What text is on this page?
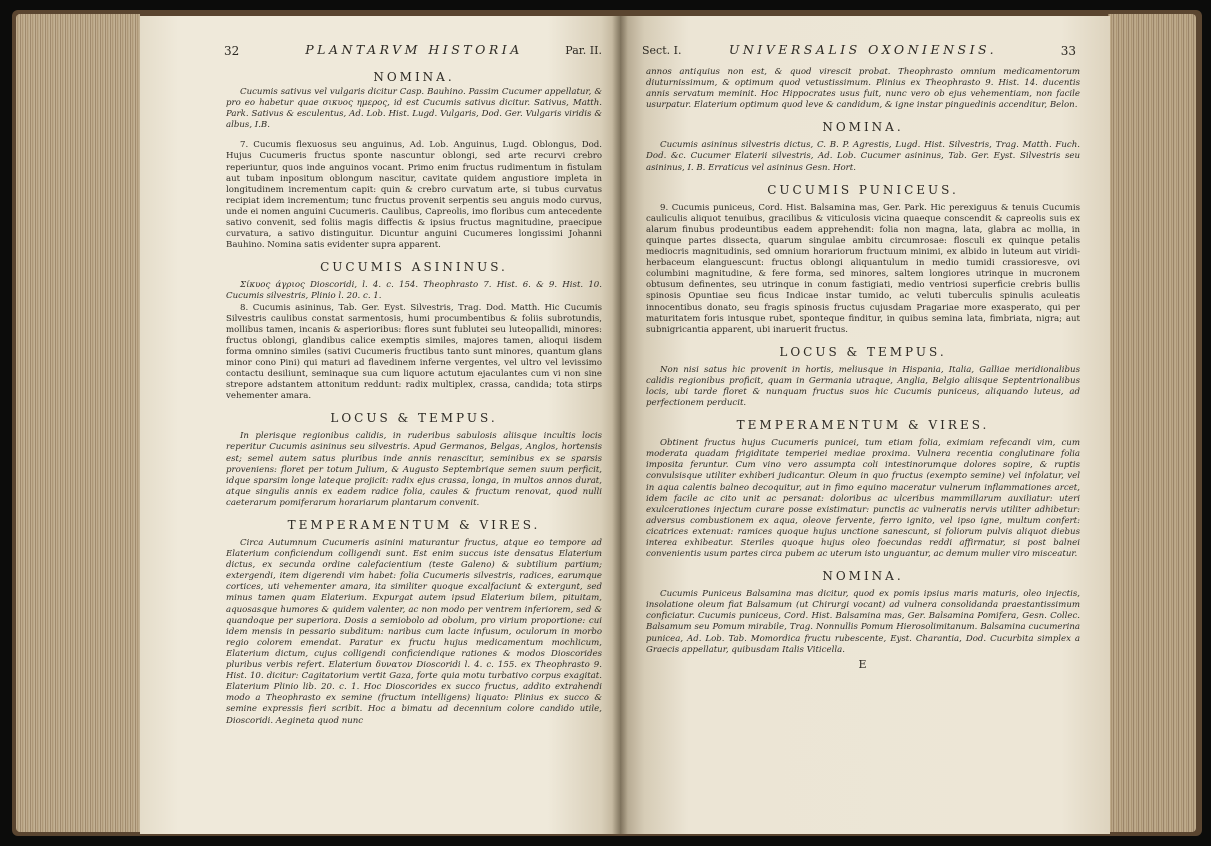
32	PLANTARVM HISTORIA	Par. II.
NOMINA.

Cucumis sativus vel vulgaris dicitur Casp. Bauhino. Passim Cucumer appellatur, & pro eo habetur quae σικυος ημερος, id est Cucumis sativus dicitur. Sativus, Matth. Park. Sativus & esculentus, Ad. Lob. Hist. Lugd. Vulgaris, Dod. Ger. Vulgaris viridis & albus, I.B.

7. Cucumis flexuosus seu anguinus, Ad. Lob. Anguinus, Lugd. Oblongus, Dod. Hujus Cucumeris fructus sponte nascuntur oblongi, sed arte recurvi crebro reperiuntur, quos inde anguinos vocant. Primo enim fructus rudimentum in fistulam aut tubam inpositum oblongum nascitur, cavitate quidem angustiore impleta in longitudinem incrementum capit: quin & crebro curvatum arte, si tubus curvatus recipiat idem incrementum; tunc fructus provenit serpentis seu anguis modo curvus, unde ei nomen anguini Cucumeris. Caulibus, Capreolis, imo floribus cum antecedente sativo convenit, sed foliis magis diffectis & ipsius fructus magnitudine, praecipue curvatura, a sativo distinguitur. Dicuntur anguini Cucumeres longissimi Johanni Bauhino. Nomina satis evidenter supra apparent.

CUCUMIS ASININUS.

Σίκυος άγριος Dioscoridi, l. 4. c. 154. Theophrasto 7. Hist. 6. & 9. Hist. 10. Cucumis silvestris, Plinio l. 20. c. 1.

8. Cucumis asininus, Tab. Ger. Eyst. Silvestris, Trag. Dod. Matth. Hic Cucumis Silvestris caulibus constat sarmentosis, humi procumbentibus & foliis subrotundis, mollibus tamen, incanis & asperioribus: flores sunt fublutei seu luteopallidi, minores: fructus oblongi, glandibus calice exemptis similes, majores tamen, alioqui iisdem forma omnino similes (sativi Cucumeris fructibus tanto sunt minores, quantum glans minor cono Pini) qui maturi ad flavedinem inferne vergentes, vel ultro vel levissimo contactu desiliunt, seminaque sua cum liquore actutum ejaculantes cum vi non sine strepore adstantem attonitum reddunt: radix multiplex, crassa, candida; tota stirps vehementer amara.

LOCUS & TEMPUS.

In plerisque regionibus calidis, in ruderibus sabulosis aliisque incultis locis reperitur Cucumis asininus seu silvestris. Apud Germanos, Belgas, Anglos, hortensis est; semel autem satus pluribus inde annis renascitur, seminibus ex se sparsis proveniens: floret per totum Julium, & Augusto Septembrique semen suum perficit, idque sparsim longe lateque projicit: radix ejus crassa, longa, in multos annos durat, atque singulis annis ex eadem radice folia, caules & fructum renovat, quod nulli caeterarum pomiferarum horariarum plantarum convenit.

TEMPERAMENTUM & VIRES.

Circa Autumnum Cucumeris asinini maturantur fructus, atque eo tempore ad Elaterium conficiendum colligendi sunt. Est enim succus iste densatus Elaterium dictus, ex secunda ordine calefacientium (teste Galeno) & subtilium partium; extergendi, item digerendi vim habet: folia Cucumeris silvestris, radices, earumque cortices, uti vehementer amara, ita similiter quoque excalfaciunt & extergunt, sed minus tamen quam Elaterium. Expurgat autem ipsud Elaterium bilem, pituitam, aquosasque humores & quidem valenter, ac non modo per ventrem inferiorem, sed & quandoque per superiora. Dosis a semiobolo ad obolum, pro virium proportione: cui idem mensis in pessario subditum: naribus cum lacte infusum, oculorum in morbo regio colorem emendat. Paratur ex fructu hujus medicamentum mochlicum, Elaterium dictum, cujus colligendi conficiendique rationes & modos Dioscorides pluribus verbis refert. Elaterium δυνατον Dioscoridi l. 4. c. 155. ex Theophrasto 9. Hist. 10. dicitur: Cagitatorium vertit Gaza, forte quia motu turbativo corpus exagitat. Elaterium Plinio lib. 20. c. 1. Hoc Dioscorides ex succo fructus, addito extrahendi modo a Theophrasto ex semine (fructum intelligens) liquato: Plinius ex succo & semine expressis fieri scribit. Hoc a bimatu ad decennium colore candido utile, Dioscoridi. Aegineta quod nunc

Sect. I.	UNIVERSALIS OXONIENSIS.	33

annos antiquius non est, & quod virescit probat. Theophrasto omnium medicamentorum diuturnissimum, & optimum quod vetustissimum. Plinius ex Theophrasto 9. Hist. 14. ducentis annis servatum meminit. Hoc Hippocrates usus fuit, nunc vero ob ejus vehementiam, non facile usurpatur. Elaterium optimum quod leve & candidum, & igne instar pinguedinis accenditur, Belon.

NOMINA.

Cucumis asininus silvestris dictus, C. B. P. Agrestis, Lugd. Hist. Silvestris, Trag. Matth. Fuch. Dod. &c. Cucumer Elaterii silvestris, Ad. Lob. Cucumer asininus, Tab. Ger. Eyst. Silvestris seu asininus, I. B. Erraticus vel asininus Gesn. Hort.

CUCUMIS PUNICEUS.

9. Cucumis puniceus, Cord. Hist. Balsamina mas, Ger. Park. Hic perexiguus & tenuis Cucumis cauliculis aliquot tenuibus, gracilibus & viticulosis vicina quaeque conscendit & capreolis suis ex alarum finubus prodeuntibus eadem apprehendit: folia non magna, lata, glabra ac mollia, in quinque partes dissecta, quarum singulae ambitu circumrosae: flosculi ex quinque petalis mediocris magnitudinis, sed omnium horariorum fructuum minimi, ex albido in luteum aut viridi-herbaceum elanguescunt: fructus oblongi aliquantulum in medio tumidi crassioresve, ovi columbini magnitudine, & fere forma, sed minores, saltem longiores utrinque in mucronem obtusum definentes, seu utrinque in conum fastigiati, medio ventriosi superficie crebris bullis spinosis Opuntiae seu ficus Indicae instar tumido, ac veluti tuberculis spinulis aculeatis innocentibus donato, seu fragis spinosis fructus cujusdam Pragariae more exasperato, qui per maturitatem foris intusque rubet, sponteque finditur, in quibus semina lata, fimbriata, nigra; aut subnigricantia apparent, ubi inaruerit fructus.

LOCUS & TEMPUS.

Non nisi satus hic provenit in hortis, meliusque in Hispania, Italia, Galliae meridionalibus calidis regionibus proficit, quam in Germania utraque, Anglia, Belgio aliisque Septentrionalibus locis, ubi tarde floret & nunquam fructus suos hic Cucumis puniceus, aliquando luteus, ad perfectionem perducit.

TEMPERAMENTUM & VIRES.

Obtinent fructus hujus Cucumeris punicei, tum etiam folia, eximiam refecandi vim, cum moderata quadam frigiditate temperiei mediae proxima. Vulnera recentia conglutinare folia imposita feruntur. Cum vino vero assumpta coli intestinorumque dolores sopire, & ruptis convulsisque utiliter exhiberi judicantur. Oleum in quo fructus (exempto semine) vel infolatur, vel in aqua calentis balneo decoquitur, aut in fimo equino maceratur vulnerum inflammationes arcet, idem facile ac cito unit ac persanat: doloribus ac ulceribus mammillarum auxiliatur: uteri exulcerationes injectum curare posse existimatur: punctis ac vulneratis nervis utiliter adhibetur: adversus combustionem ex aqua, oleove fervente, ferro ignito, vel ipso igne, multum confert: cicatrices extenuat: ramices quoque hujus unctione sanescunt, si foliorum pulvis aliquot diebus interea exhibeatur. Steriles quoque hujus oleo foecundas reddi affirmatur, si post balnei convenientis usum partes circa pubem ac uterum isto unguantur, ac demum mulier viro misceatur.

NOMINA.

Cucumis Puniceus Balsamina mas dicitur, quod ex pomis ipsius maris maturis, oleo injectis, insolatione oleum fiat Balsamum (ut Chirurgi vocant) ad vulnera consolidanda praestantissimum conficiatur. Cucumis puniceus, Cord. Hist. Balsamina mas, Ger. Balsamina Pomifera, Gesn. Collec. Balsamum seu Pomum mirabile, Trag. Nonnullis Pomum Hierosolimitanum. Balsamina cucumerina punicea, Ad. Lob. Tab. Momordica fructu rubescente, Eyst. Charantia, Dod. Cucurbita simplex a Graecis appellatur, quibusdam Italis Viticella.

E
